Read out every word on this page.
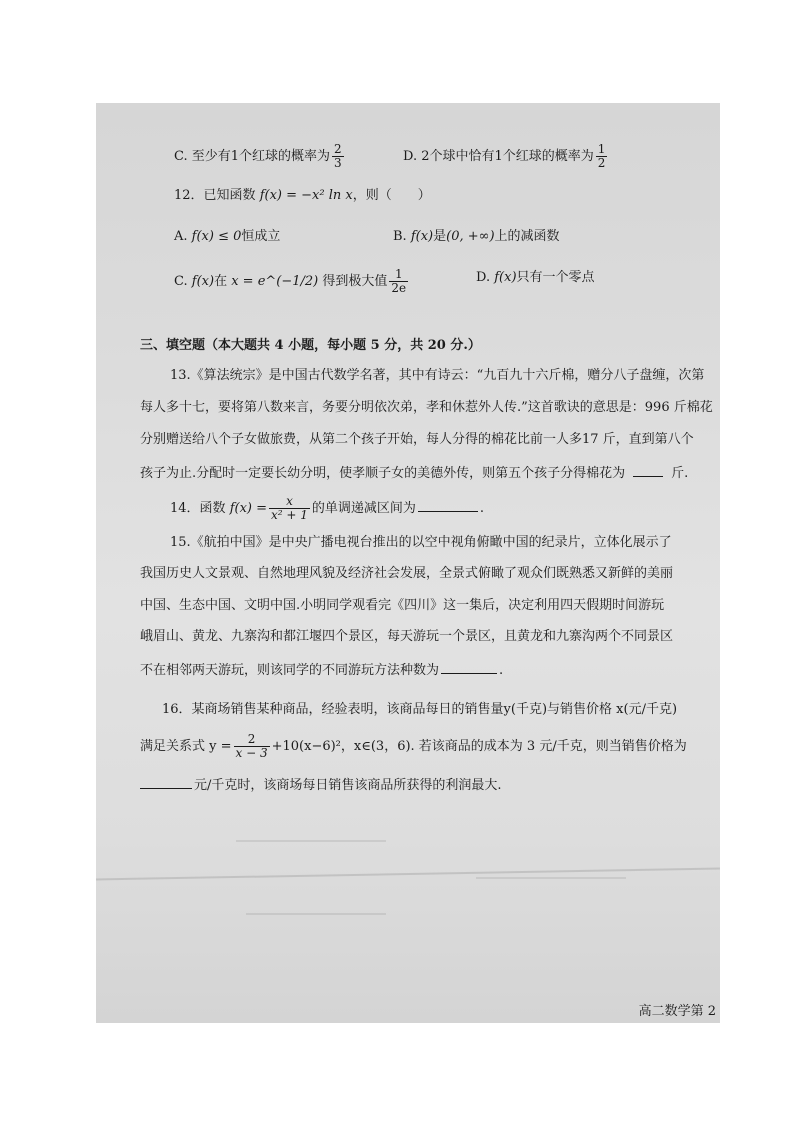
C. 至少有1个红球的概率为 $\frac{2}{3}$	D. 2个球中恰有1个红球的概率为 $\frac{1}{2}$
12．已知函数 f(x) = −x² ln x，则（　　）
A. f(x) ≤ 0恒成立	B. f(x)是(0, +∞)上的减函数
C. f(x)在 x = e^(−1/2) 得到极大值 $\frac{1}{2e}$	D. f(x)只有一个零点
三、填空题（本大题共 4 小题，每小题 5 分，共 20 分.）
13.《算法统宗》是中国古代数学名著，其中有诗云：“九百九十六斤棉，赠分八子盘缠，次第
每人多十七，要将第八数来言，务要分明依次弟，孝和休惹外人传.”这首歌诀的意思是：996 斤棉花
分别赠送给八个子女做旅费，从第二个孩子开始，每人分得的棉花比前一人多17 斤，直到第八个
孩子为止.分配时一定要长幼分明，使孝顺子女的美德外传，则第五个孩子分得棉花为	斤.
14．函数 $f(x) = \frac{x}{\text{x² + 1}}$ 的单调递减区间为	.
15.《航拍中国》是中央广播电视台推出的以空中视角俯瞰中国的纪录片，立体化展示了
我国历史人文景观、自然地理风貌及经济社会发展，全景式俯瞰了观众们既熟悉又新鲜的美丽
中国、生态中国、文明中国.小明同学观看完《四川》这一集后，决定利用四天假期时间游玩
峨眉山、黄龙、九寨沟和都江堰四个景区，每天游玩一个景区，且黄龙和九寨沟两个不同景区
不在相邻两天游玩，则该同学的不同游玩方法种数为	.
16．某商场销售某种商品，经验表明，该商品每日的销售量y(千克)与销售价格 x(元/千克)
满足关系式 $y = \frac{2}{x - 3} +10(x-6)^2$，x∈(3，6). 若该商品的成本为 3 元/千克，则当销售价格为
元/千克时，该商场每日销售该商品所获得的利润最大.
高二数学第 2
